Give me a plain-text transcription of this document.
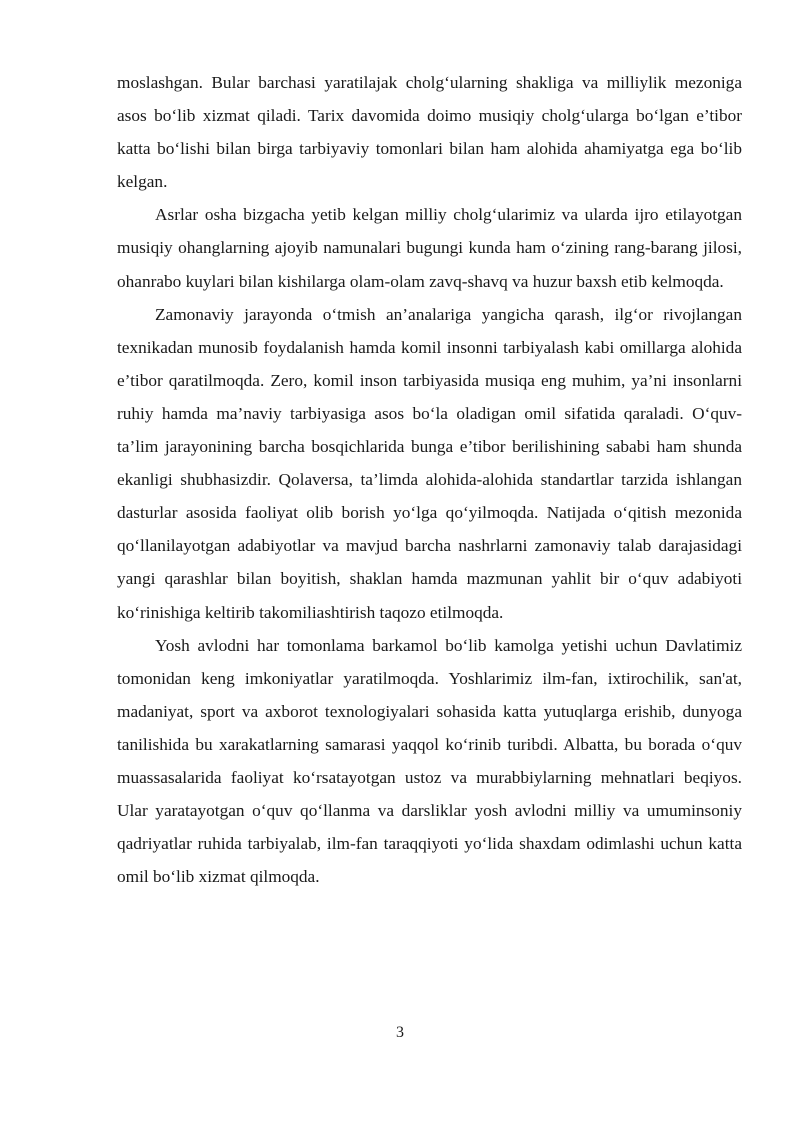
moslashgan. Bular barchasi yaratilajak cholg‘ularning shakliga va milliylik mezoniga asos bo‘lib xizmat qiladi. Tarix davomida doimo musiqiy cholg‘ularga bo‘lgan e’tibor katta bo‘lishi bilan birga tarbiyaviy tomonlari bilan ham alohida ahamiyatga ega bo‘lib kelgan.

Asrlar osha bizgacha yetib kelgan milliy cholg‘ularimiz va ularda ijro etilayotgan musiqiy ohanglarning ajoyib namunalari bugungi kunda ham o‘zining rang-barang jilosi, ohanrabo kuylari bilan kishilarga olam-olam zavq-shavq va huzur baxsh etib kelmoqda.

Zamonaviy jarayonda o‘tmish an’analariga yangicha qarash, ilg‘or rivojlangan texnikadan munosib foydalanish hamda komil insonni tarbiyalash kabi omillarga alohida e’tibor qaratilmoqda. Zero, komil inson tarbiyasida musiqa eng muhim, ya’ni insonlarni ruhiy hamda ma’naviy tarbiyasiga asos bo‘la oladigan omil sifatida qaraladi. O‘quv-ta’lim jarayonining barcha bosqichlarida bunga e’tibor berilishining sababi ham shunda ekanligi shubhasizdir. Qolaversa, ta’limda alohida-alohida standartlar tarzida ishlangan dasturlar asosida faoliyat olib borish yo‘lga qo‘yilmoqda. Natijada o‘qitish mezonida qo‘llanilayotgan adabiyotlar va mavjud barcha nashrlarni zamonaviy talab darajasidagi yangi qarashlar bilan boyitish, shaklan hamda mazmunan yahlit bir o‘quv adabiyoti ko‘rinishiga keltirib takomiliashtirish taqozo etilmoqda.

Yosh avlodni har tomonlama barkamol bo‘lib kamolga yetishi uchun Davlatimiz tomonidan keng imkoniyatlar yaratilmoqda. Yoshlarimiz ilm-fan, ixtirochilik, san'at, madaniyat, sport va axborot texnologiyalari sohasida katta yutuqlarga erishib, dunyoga tanilishida bu xarakatlarning samarasi yaqqol ko‘rinib turibdi. Albatta, bu borada o‘quv muassasalarida faoliyat ko‘rsatayotgan ustoz va murabbiylarning mehnatlari beqiyos. Ular yaratayotgan o‘quv qo‘llanma va darsliklar yosh avlodni milliy va umuminsoniy qadriyatlar ruhida tarbiyalab, ilm-fan taraqqiyoti yo‘lida shaxdam odimlashi uchun katta omil bo‘lib xizmat qilmoqda.

3
